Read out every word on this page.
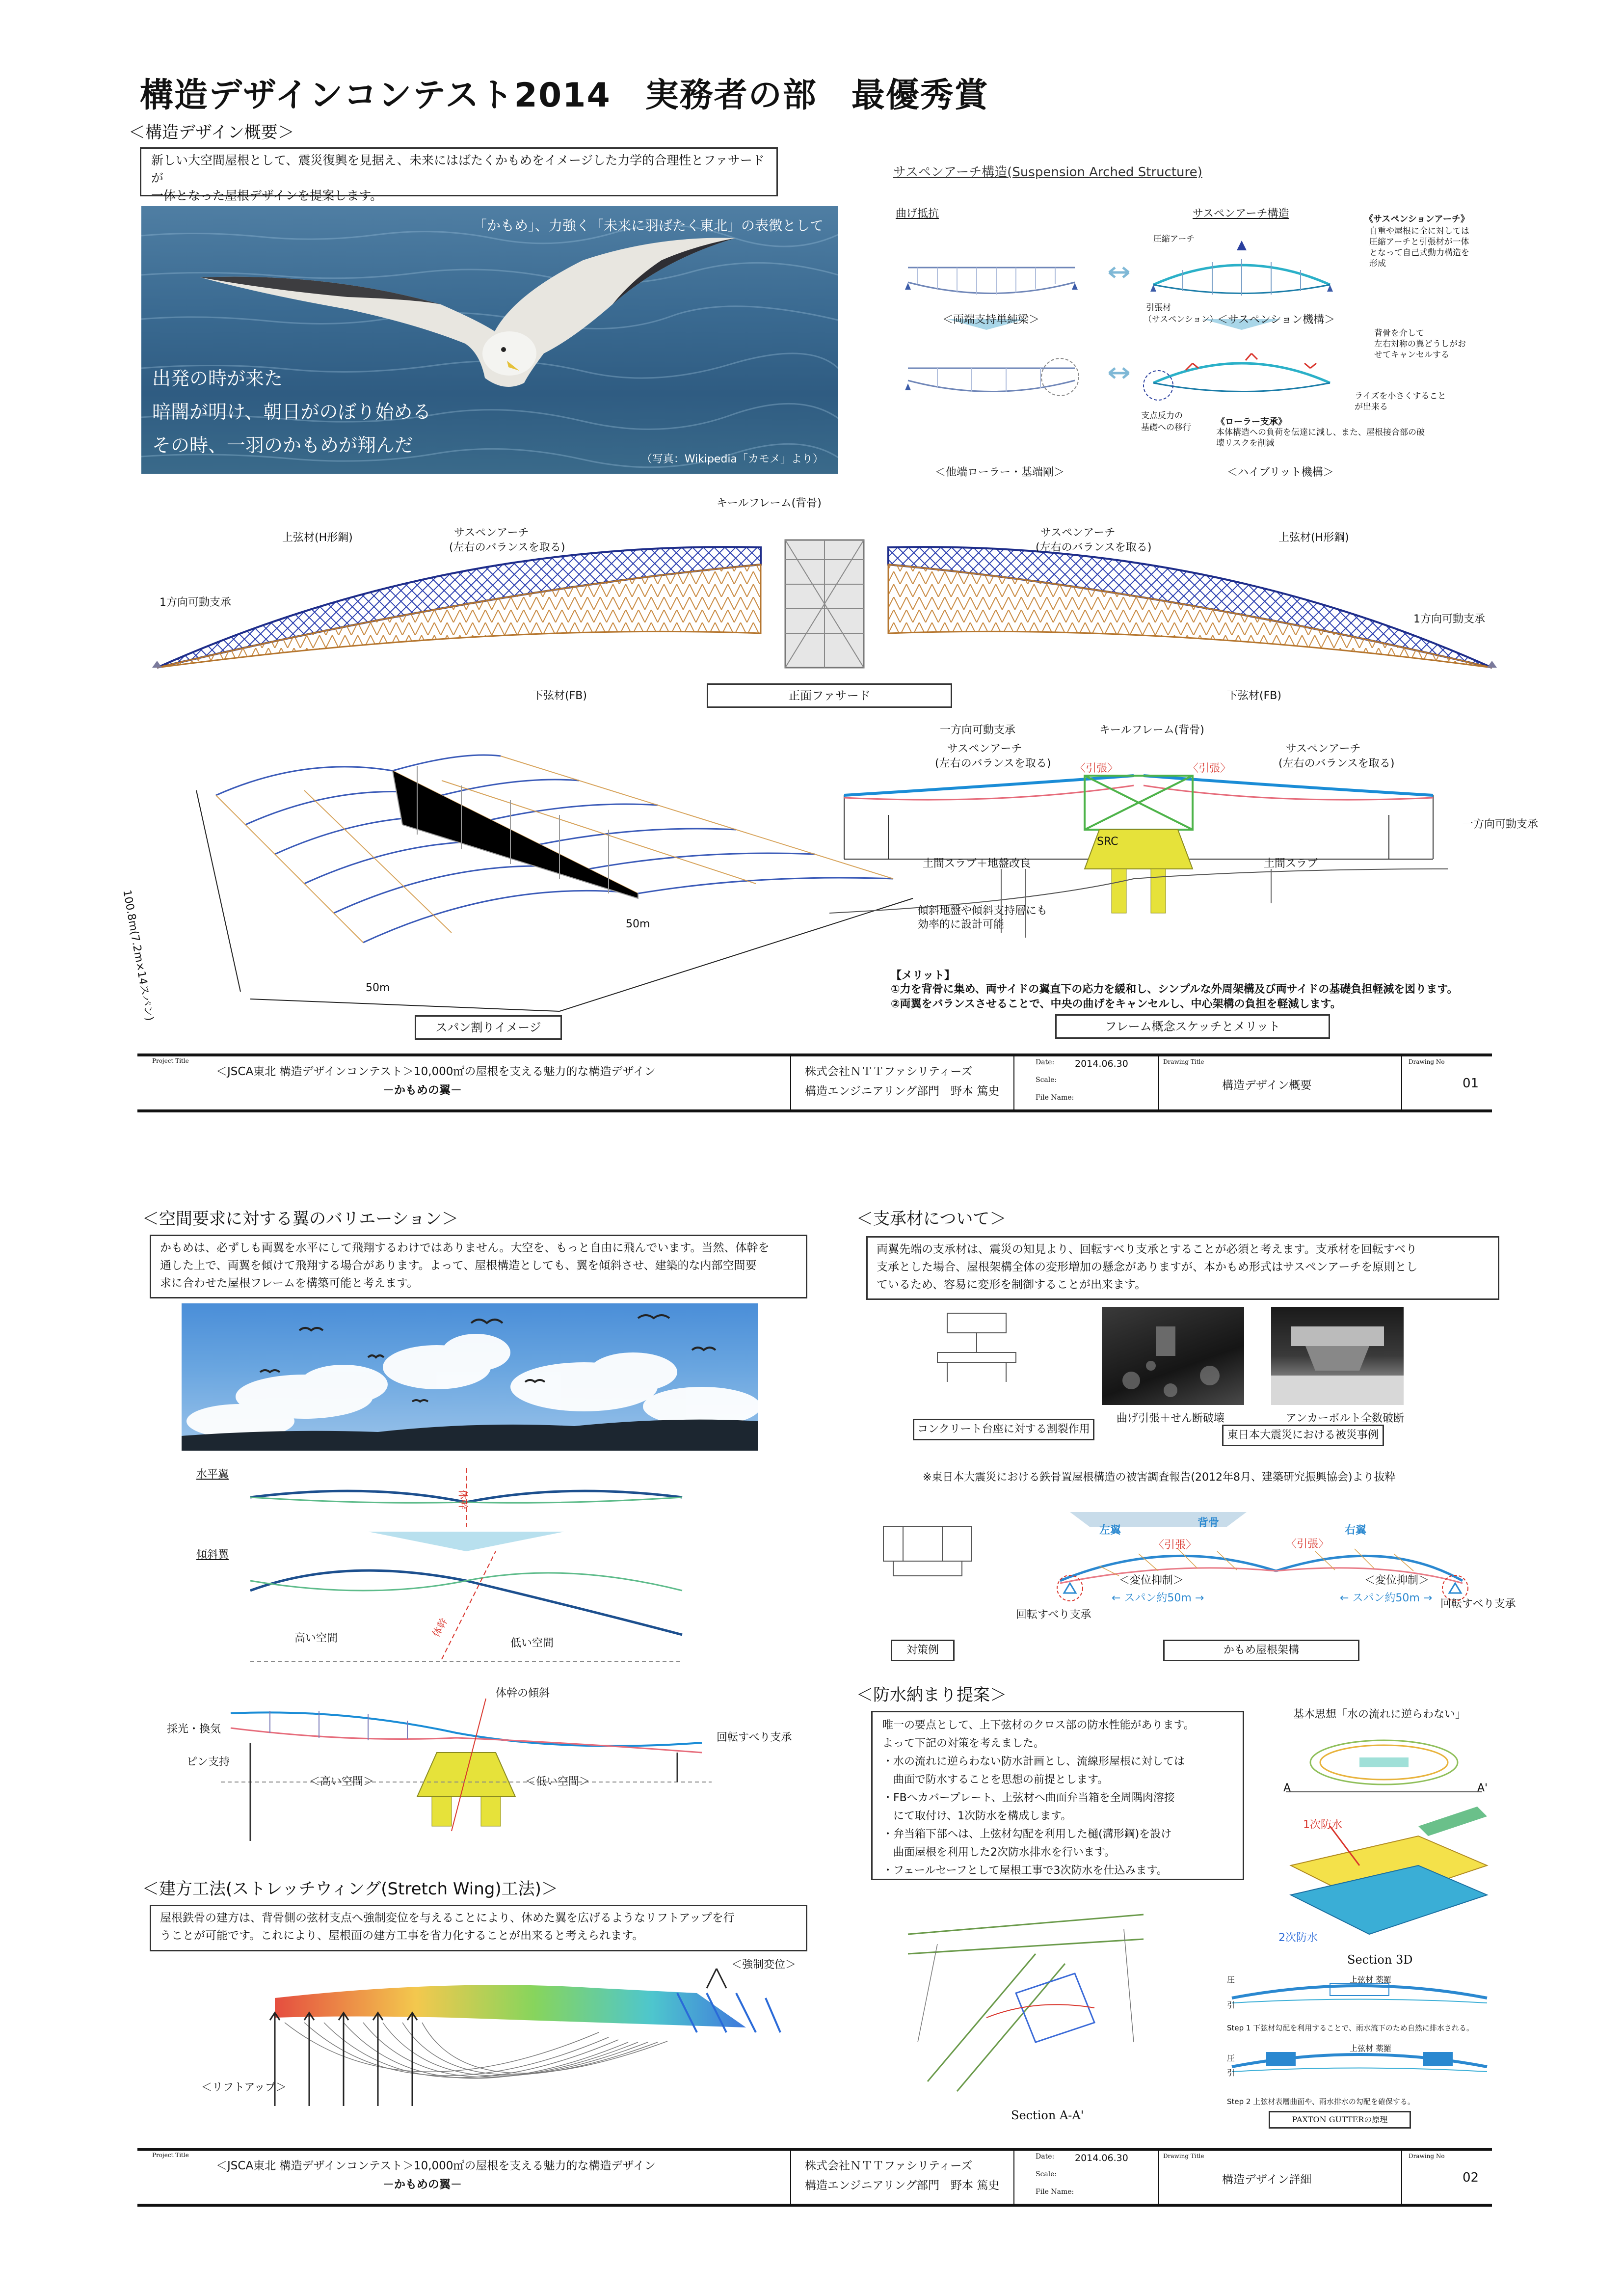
構造デザインコンテスト2014　実務者の部　最優秀賞
＜構造デザイン概要＞
新しい大空間屋根として、震災復興を見据え、未来にはばたくかもめをイメージした力学的合理性とファサードが
一体となった屋根デザインを提案します。
「かもめ」、力強く「未来に羽ばたく東北」の表徴として
出発の時が来た
暗闇が明け、朝日がのぼり始める
その時、一羽のかもめが翔んだ
（写真：Wikipedia「カモメ」より）
サスペンアーチ構造(Suspension Arched Structure)
曲げ抵抗	サスペンアーチ構造	《サスペンションアーチ》
自重や屋根に全に対しては
圧縮アーチと引張材が一体
となって自己式動力構造を
形成
圧縮アーチ
引張材
（サスペンション）
＜両端支持単純梁＞	＜サスペンション機構＞
支点反力の
基礎への移行
背骨を介して
左右対称の翼どうしがお
せてキャンセルする
ライズを小さくすること
が出来る
《ローラー支承》
本体構造への負荷を伝達に減し、また、屋根接合部の破
壊リスクを削減
＜他端ローラー・基端剛＞	＜ハイブリット機構＞
キールフレーム(背骨)
上弦材(H形鋼)	上弦材(H形鋼)
サスペンアーチ
(左右のバランスを取る)
サスペンアーチ
(左右のバランスを取る)
1方向可動支承
1方向可動支承
下弦材(FB)	下弦材(FB)
正面ファサード
100.8m(7.2m×14スパン)	50m
50m
スパン割りイメージ
一方向可動支承	キールフレーム(背骨)
サスペンアーチ
(左右のバランスを取る)
サスペンアーチ
(左右のバランスを取る)
〈引張〉	〈引張〉
一方向可動支承
SRC
土間スラブ＋地盤改良	土間スラブ
傾斜地盤や傾斜支持層にも
効率的に設計可能
【メリット】
①力を背骨に集め、両サイドの翼直下の応力を緩和し、シンプルな外周架構及び両サイドの基礎負担軽減を図ります。
②両翼をバランスさせることで、中央の曲げをキャンセルし、中心架構の負担を軽減します。
フレーム概念スケッチとメリット
Project Title
＜JSCA東北 構造デザインコンテスト＞10,000㎡の屋根を支える魅力的な構造デザイン
－かもめの翼－
株式会社ＮＴＴファシリティーズ
構造エンジニアリング部門　野本 篤史
Date: 2014.06.30
Scale:
File Name:
Drawing Title
構造デザイン概要
Drawing No
01
＜空間要求に対する翼のバリエーション＞
かもめは、必ずしも両翼を水平にして飛翔するわけではありません。大空を、もっと自由に飛んでいます。当然、体幹を
通した上で、両翼を傾けて飛翔する場合があります。よって、屋根構造としても、翼を傾斜させ、建築的な内部空間要
求に合わせた屋根フレームを構築可能と考えます。
水平翼
体幹
傾斜翼
高い空間	低い空間
体幹
体幹の傾斜
採光・換気
ピン支持
＜高い空間＞	＜低い空間＞
回転すべり支承
＜建方工法(ストレッチウィング(Stretch Wing)工法)＞
屋根鉄骨の建方は、背骨側の弦材支点へ強制変位を与えることにより、休めた翼を広げるようなリフトアップを行
うことが可能です。これにより、屋根面の建方工事を省力化することが出来ると考えられます。
＜強制変位＞
＜リフトアップ＞
＜支承材について＞
両翼先端の支承材は、震災の知見より、回転すべり支承とすることが必須と考えます。支承材を回転すべり
支承とした場合、屋根架構全体の変形増加の懸念がありますが、本かもめ形式はサスペンアーチを原則とし
ているため、容易に変形を制御することが出来ます。
曲げ引張＋せん断破壊	アンカーボルト全数破断
コンクリート台座に対する割裂作用	東日本大震災における被災事例
※東日本大震災における鉄骨置屋根構造の被害調査報告(2012年8月、建築研究振興協会)より抜粋
左翼
背骨
右翼
〈引張〉	〈引張〉
＜変位抑制＞	＜変位抑制＞
← スパン約50m →	← スパン約50m →
回転すべり支承
回転すべり支承
対策例	かもめ屋根架構
＜防水納まり提案＞
唯一の要点として、上下弦材のクロス部の防水性能があります。
よって下記の対策を考えました。
・水の流れに逆らわない防水計画とし、流線形屋根に対しては
　曲面で防水することを思想の前提とします。
・FBへカバープレート、上弦材へ曲面弁当箱を全周隅肉溶接
　にて取付け、1次防水を構成します。
・弁当箱下部へは、上弦材勾配を利用した樋(溝形鋼)を設け
　曲面屋根を利用した2次防水排水を行います。
・フェールセーフとして屋根工事で3次防水を仕込みます。
基本思想「水の流れに逆らわない」
A	A'
1次防水
2次防水
Section 3D
Section A-A'
上弦材 薬羅
上弦材 薬羅
圧
引
圧
引
Step 1 下弦材勾配を利用することで、雨水流下のため自然に排水される。
Step 2 上弦材表層曲面や、雨水排水の勾配を確保する。
PAXTON GUTTERの原理
Project Title
＜JSCA東北 構造デザインコンテスト＞10,000㎡の屋根を支える魅力的な構造デザイン
－かもめの翼－
株式会社ＮＴＴファシリティーズ
構造エンジニアリング部門　野本 篤史
Date: 2014.06.30
Scale:
File Name:
Drawing Title
構造デザイン詳細
Drawing No
02
